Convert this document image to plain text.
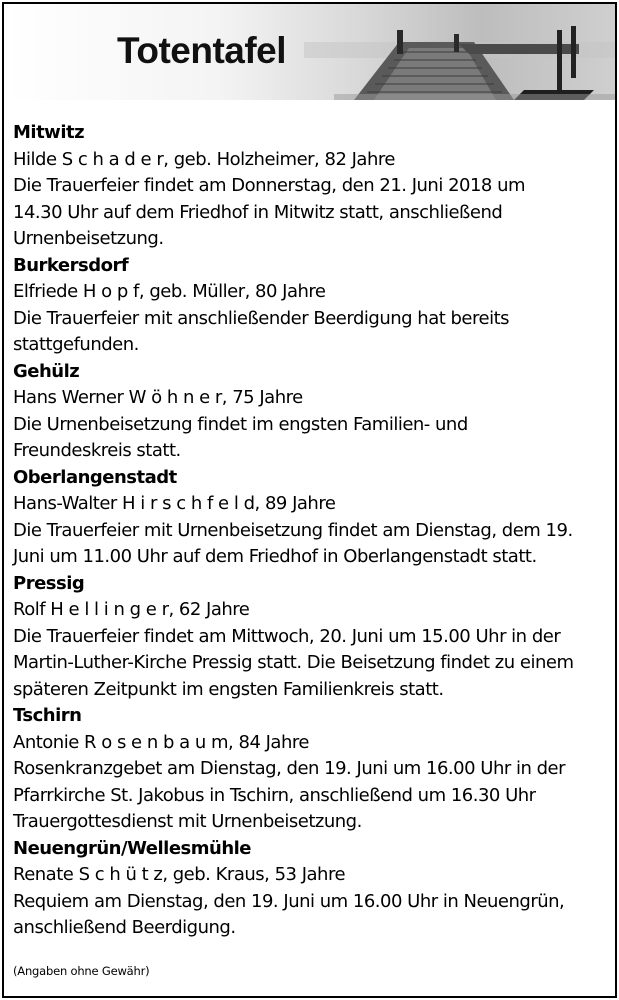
Totentafel

Mitwitz

Hilde S c h a d e r, geb. Holzheimer, 82 Jahre

Die Trauerfeier findet am Donnerstag, den 21. Juni 2018 um

14.30 Uhr auf dem Friedhof in Mitwitz statt, anschließend

Urnenbeisetzung.

Burkersdorf

Elfriede H o p f, geb. Müller, 80 Jahre

Die Trauerfeier mit anschließender Beerdigung hat bereits

stattgefunden.

Gehülz

Hans Werner W ö h n e r, 75 Jahre

Die Urnenbeisetzung findet im engsten Familien- und

Freundeskreis statt.

Oberlangenstadt

Hans-Walter H i r s c h f e l d, 89 Jahre

Die Trauerfeier mit Urnenbeisetzung findet am Dienstag, dem 19.

Juni um 11.00 Uhr auf dem Friedhof in Oberlangenstadt statt.

Pressig

Rolf H e l l i n g e r, 62 Jahre

Die Trauerfeier findet am Mittwoch, 20. Juni um 15.00 Uhr in der

Martin-Luther-Kirche Pressig statt. Die Beisetzung findet zu einem

späteren Zeitpunkt im engsten Familienkreis statt.

Tschirn

Antonie R o s e n b a u m, 84 Jahre

Rosenkranzgebet am Dienstag, den 19. Juni um 16.00 Uhr in der

Pfarrkirche St. Jakobus in Tschirn, anschließend um 16.30 Uhr

Trauergottesdienst mit Urnenbeisetzung.

Neuengrün/Wellesmühle

Renate S c h ü t z, geb. Kraus, 53 Jahre

Requiem am Dienstag, den 19. Juni um 16.00 Uhr in Neuengrün,

anschließend Beerdigung.

(Angaben ohne Gewähr)
